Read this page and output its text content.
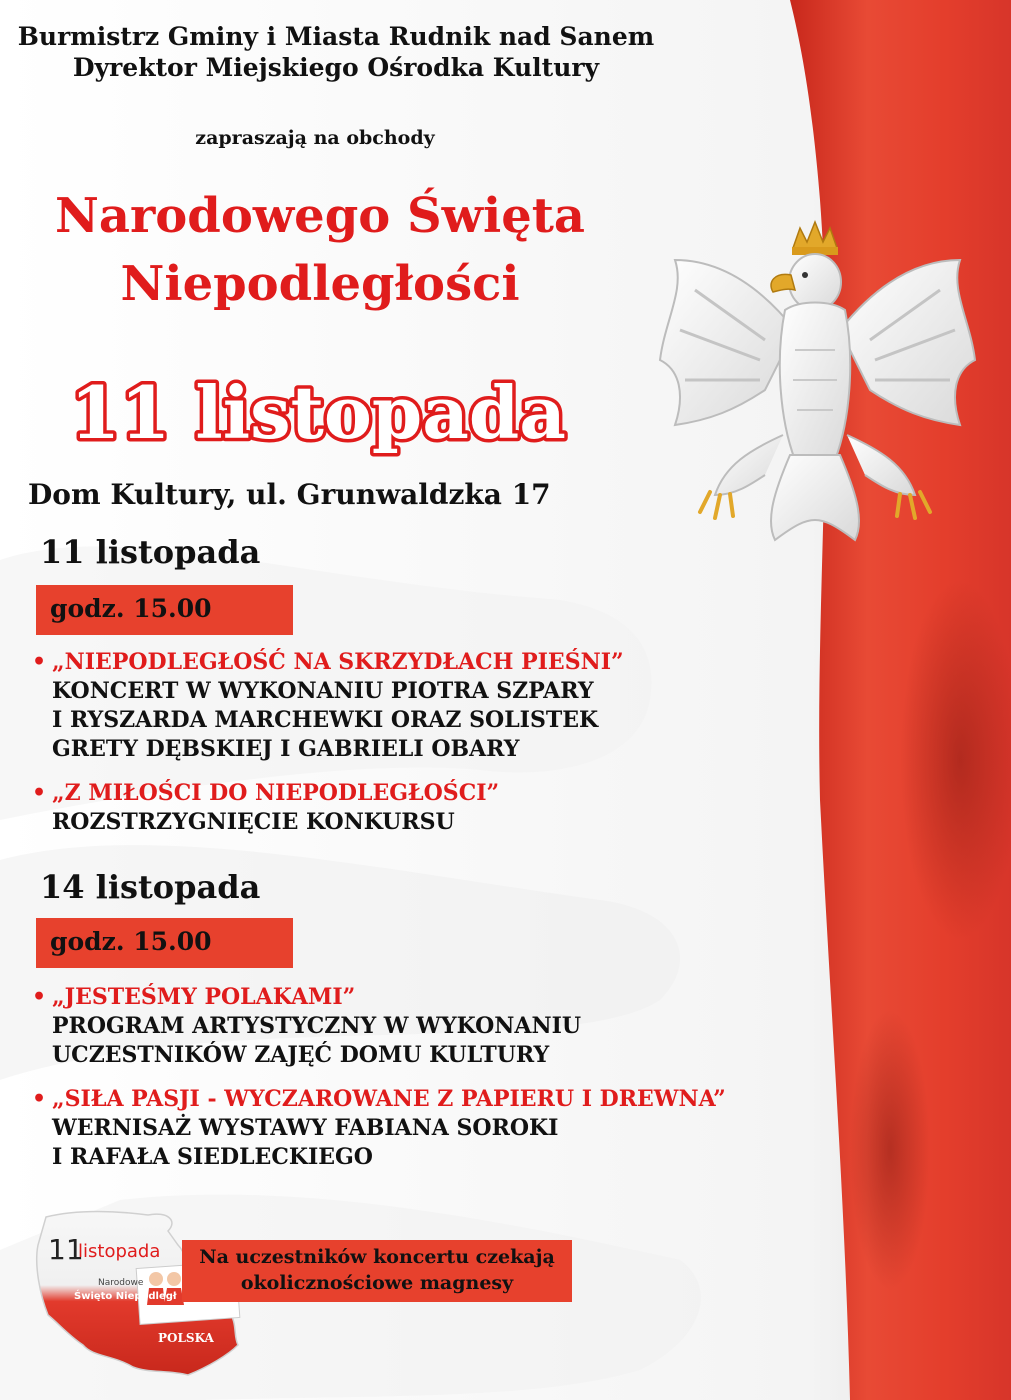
Burmistrz Gminy i Miasta Rudnik nad Sanem
Dyrektor Miejskiego Ośrodka Kultury
zapraszają na obchody
Narodowego Święta
Niepodległości
11 listopada
Dom Kultury, ul. Grunwaldzka 17
11 listopada
godz. 15.00
• „NIEPODLEGŁOŚĆ NA SKRZYDŁACH PIEŚNI”
KONCERT W WYKONANIU PIOTRA SZPARY
I RYSZARDA MARCHEWKI ORAZ SOLISTEK
GRETY DĘBSKIEJ I GABRIELI OBARY
• „Z MIŁOŚCI DO NIEPODLEGŁOŚCI”
ROZSTRZYGNIĘCIE KONKURSU
14 listopada
godz. 15.00
• „JESTEŚMY POLAKAMI”
PROGRAM ARTYSTYCZNY W WYKONANIU
UCZESTNIKÓW ZAJĘĆ DOMU KULTURY
• „SIŁA PASJI - WYCZAROWANE Z PAPIERU I DREWNA”
WERNISAŻ WYSTAWY FABIANA SOROKI
I RAFAŁA SIEDLECKIEGO
11
listopada
Narodowe
Święto Niepodległ
POLSKA
Na uczestników koncertu czekają
okolicznościowe magnesy
